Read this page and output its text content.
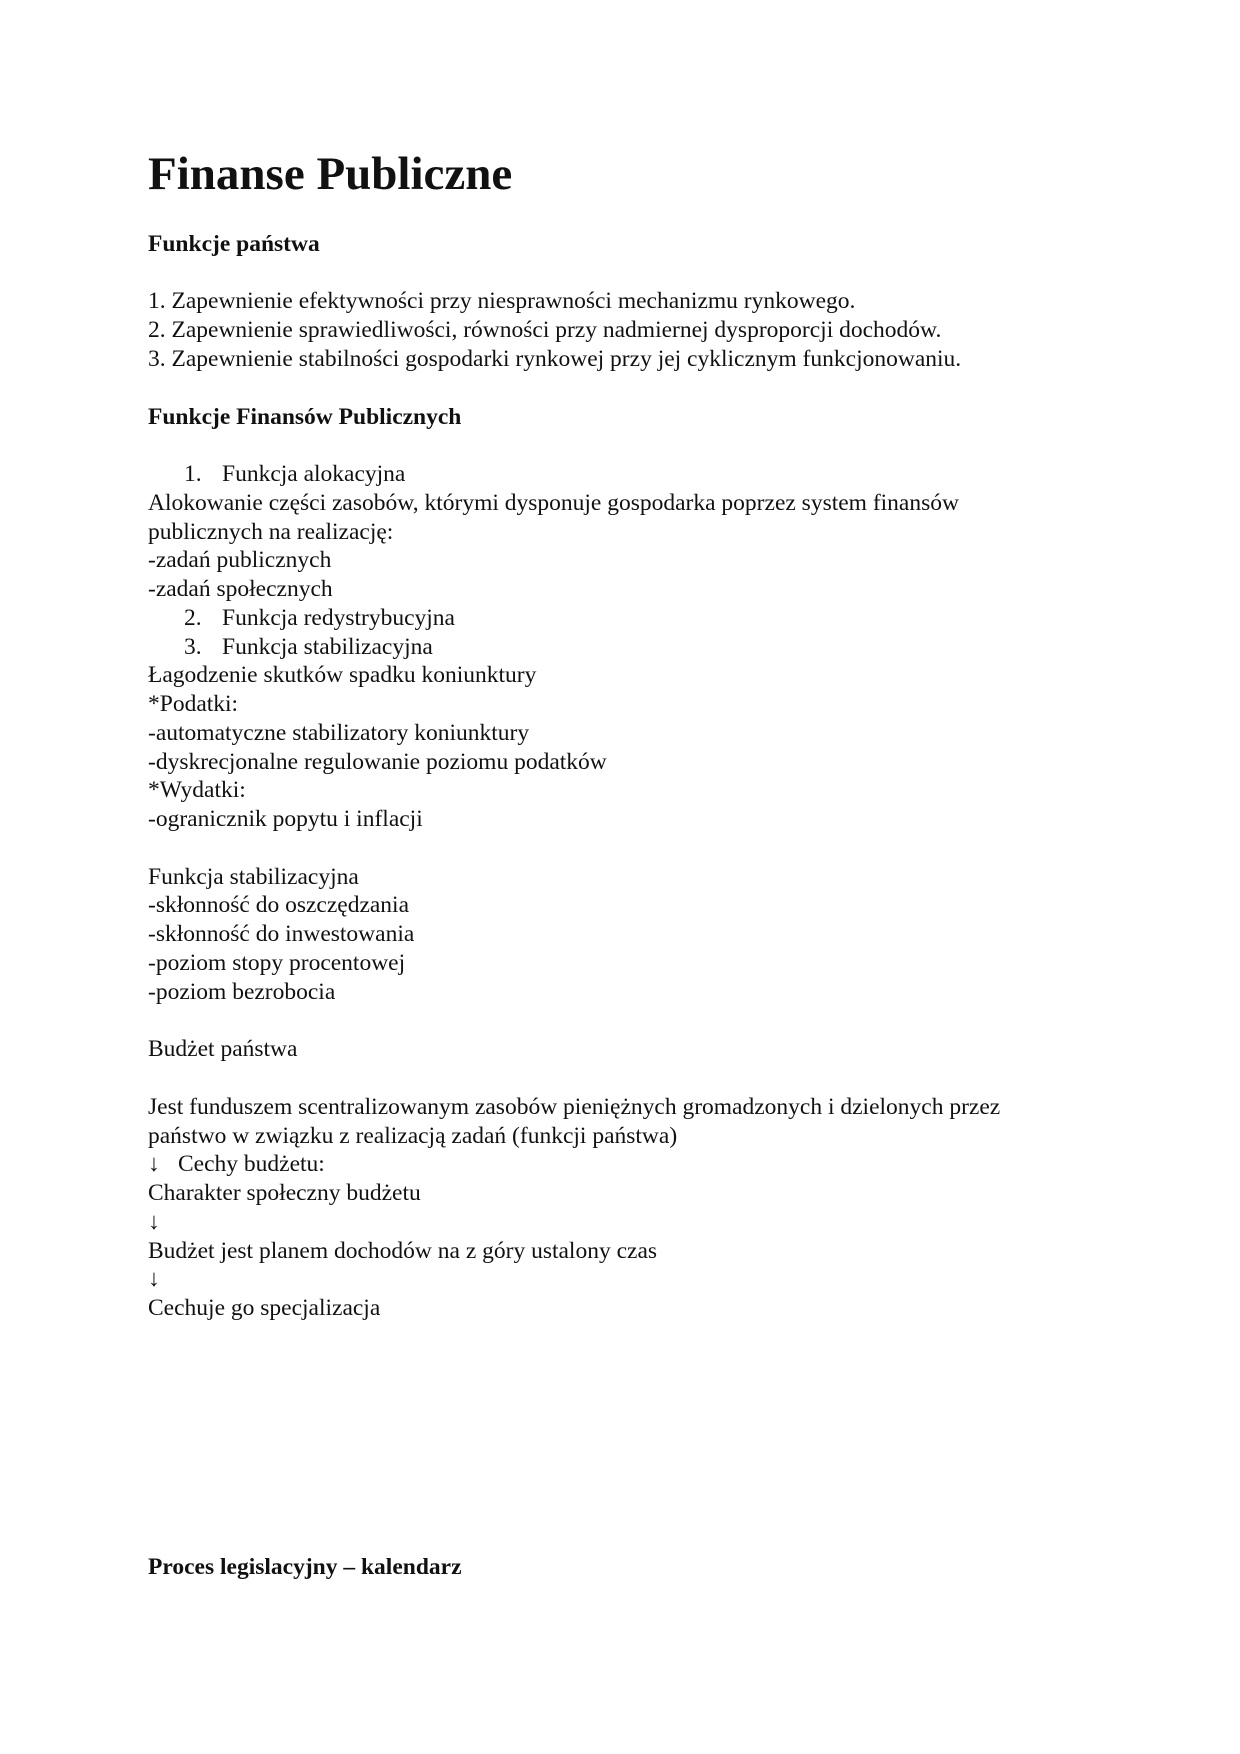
Finanse Publiczne
Funkcje państwa
1. Zapewnienie efektywności przy niesprawności mechanizmu rynkowego.
2. Zapewnienie sprawiedliwości, równości przy nadmiernej dysproporcji dochodów.
3. Zapewnienie stabilności gospodarki rynkowej przy jej cyklicznym funkcjonowaniu.
Funkcje Finansów Publicznych
1. Funkcja alokacyjna
Alokowanie części zasobów, którymi dysponuje gospodarka poprzez system finansów
publicznych na realizację:
-zadań publicznych
-zadań społecznych
2. Funkcja redystrybucyjna
3. Funkcja stabilizacyjna
Łagodzenie skutków spadku koniunktury
*Podatki:
-automatyczne stabilizatory koniunktury
-dyskrecjonalne regulowanie poziomu podatków
*Wydatki:
-ogranicznik popytu i inflacji
Funkcja stabilizacyjna
-skłonność do oszczędzania
-skłonność do inwestowania
-poziom stopy procentowej
-poziom bezrobocia
Budżet państwa
Jest funduszem scentralizowanym zasobów pieniężnych gromadzonych i dzielonych przez
państwo w związku z realizacją zadań (funkcji państwa)
↓ Cechy budżetu:
Charakter społeczny budżetu
↓
Budżet jest planem dochodów na z góry ustalony czas
↓
Cechuje go specjalizacja
Proces legislacyjny – kalendarz
